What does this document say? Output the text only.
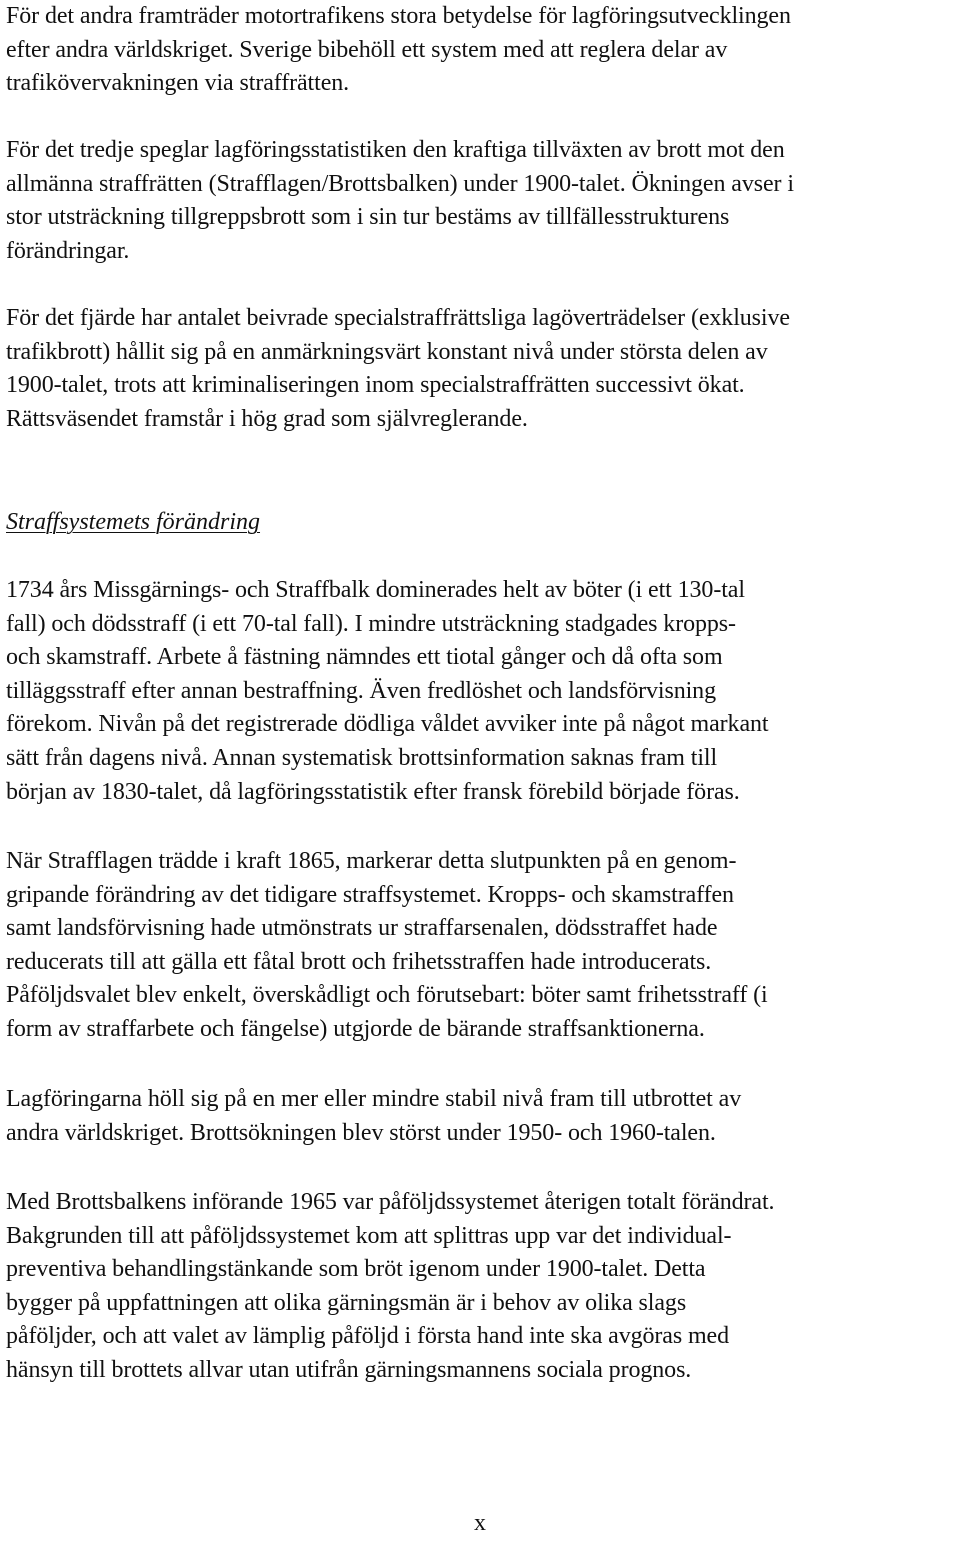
För det andra framträder motortrafikens stora betydelse för lagföringsutvecklingen
efter andra världskriget. Sverige bibehöll ett system med att reglera delar av
trafikövervakningen via straffrätten.

För det tredje speglar lagföringsstatistiken den kraftiga tillväxten av brott mot den
allmänna straffrätten (Strafflagen/Brottsbalken) under 1900-talet. Ökningen avser i
stor utsträckning tillgreppsbrott som i sin tur bestäms av tillfällesstrukturens
förändringar.

För det fjärde har antalet beivrade specialstraffrättsliga lagöverträdelser (exklusive
trafikbrott) hållit sig på en anmärkningsvärt konstant nivå under största delen av
1900-talet, trots att kriminaliseringen inom specialstraffrätten successivt ökat.
Rättsväsendet framstår i hög grad som självreglerande.

Straffsystemets förändring

1734 års Missgärnings- och Straffbalk dominerades helt av böter (i ett 130-tal
fall) och dödsstraff (i ett 70-tal fall). I mindre utsträckning stadgades kropps-
och skamstraff. Arbete å fästning nämndes ett tiotal gånger och då ofta som
tilläggsstraff efter annan bestraffning. Även fredlöshet och landsförvisning
förekom. Nivån på det registrerade dödliga våldet avviker inte på något markant
sätt från dagens nivå. Annan systematisk brottsinformation saknas fram till
början av 1830-talet, då lagföringsstatistik efter fransk förebild började föras.

När Strafflagen trädde i kraft 1865, markerar detta slutpunkten på en genom-
gripande förändring av det tidigare straffsystemet. Kropps- och skamstraffen
samt landsförvisning hade utmönstrats ur straffarsenalen, dödsstraffet hade
reducerats till att gälla ett fåtal brott och frihetsstraffen hade introducerats.
Påföljdsvalet blev enkelt, överskådligt och förutsebart: böter samt frihetsstraff (i
form av straffarbete och fängelse) utgjorde de bärande straffsanktionerna.

Lagföringarna höll sig på en mer eller mindre stabil nivå fram till utbrottet av
andra världskriget. Brottsökningen blev störst under 1950- och 1960-talen.

Med Brottsbalkens införande 1965 var påföljdssystemet återigen totalt förändrat.
Bakgrunden till att påföljdssystemet kom att splittras upp var det individual-
preventiva behandlingstänkande som bröt igenom under 1900-talet. Detta
bygger på uppfattningen att olika gärningsmän är i behov av olika slags
påföljder, och att valet av lämplig påföljd i första hand inte ska avgöras med
hänsyn till brottets allvar utan utifrån gärningsmannens sociala prognos.

x
